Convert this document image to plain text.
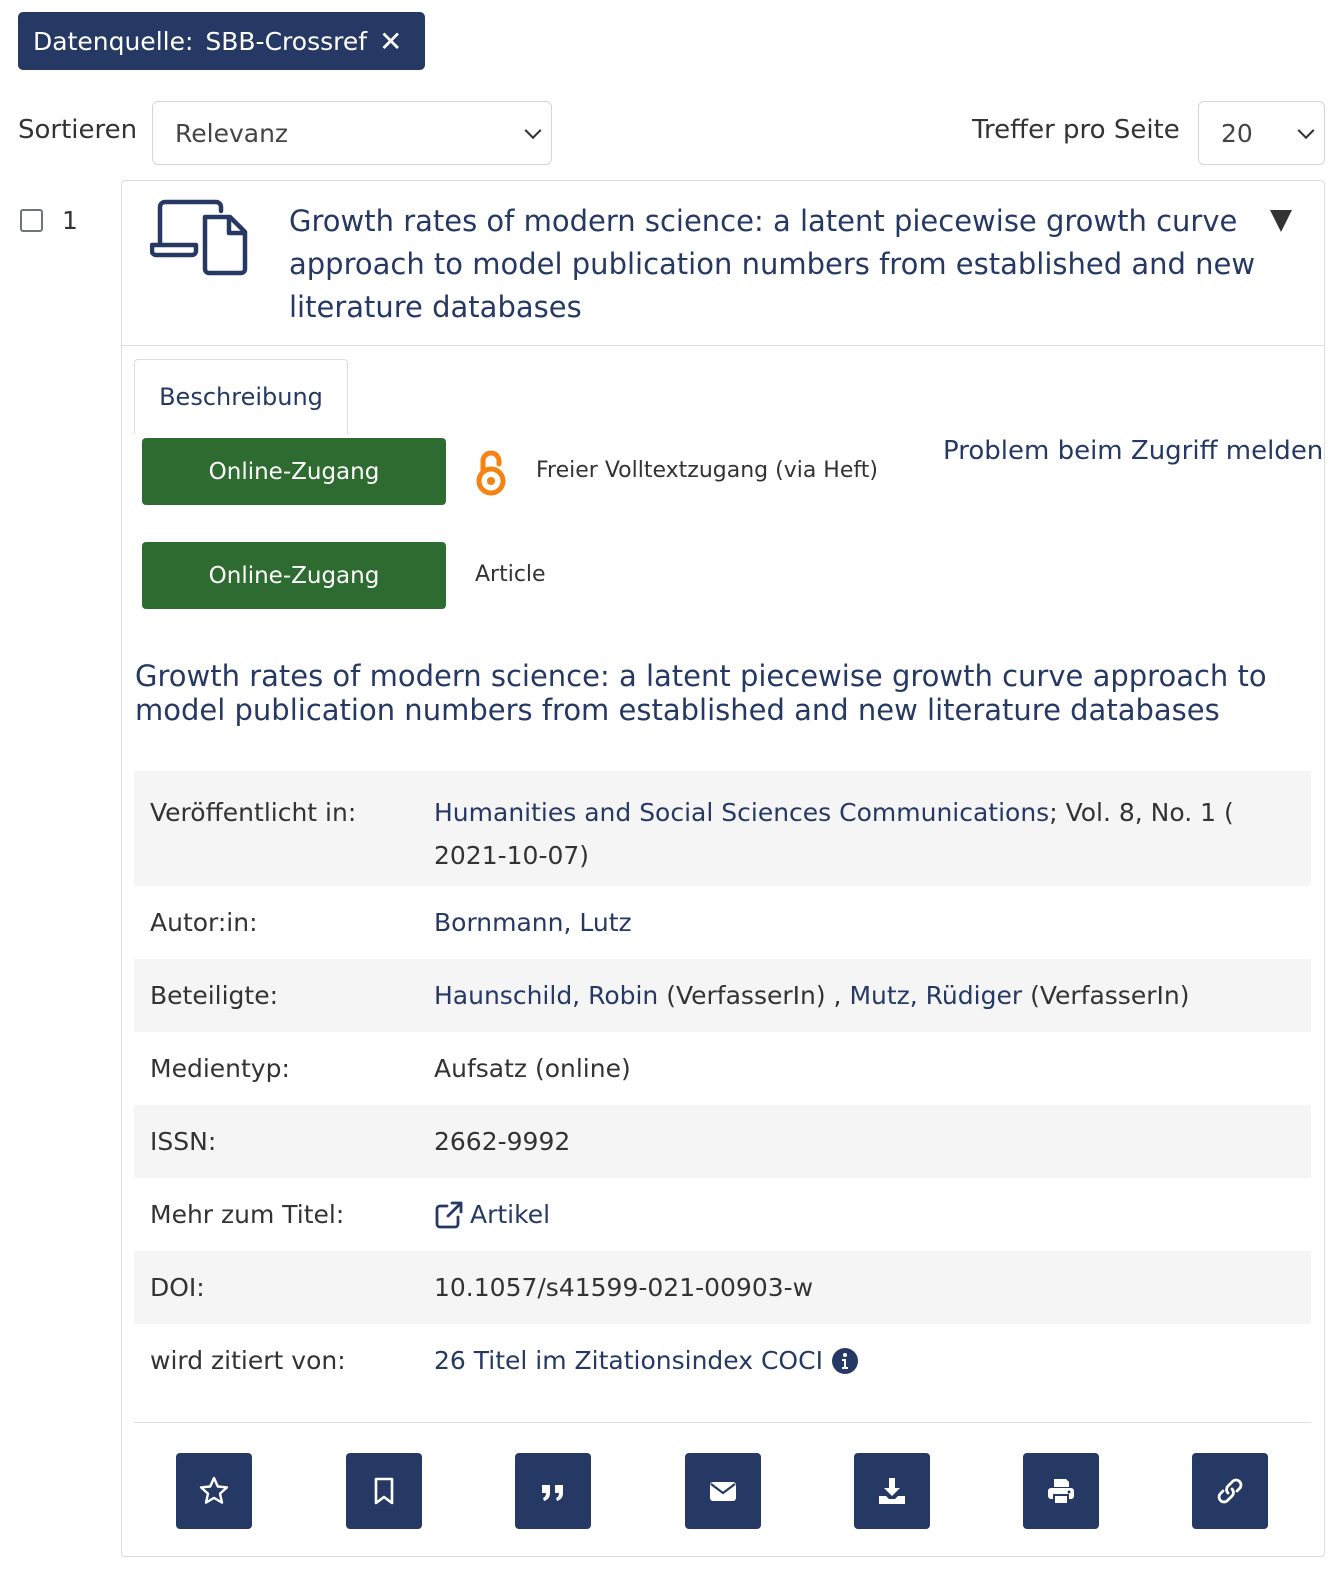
Datenquelle: SBB-Crossref ✕
Sortieren Relevanz	Treffer pro Seite 20
1	Growth rates of modern science: a latent piecewise growth curve approach to model publication numbers from established and new literature databases
Beschreibung
Online-Zugang	Freier Volltextzugang (via Heft)
Problem beim Zugriff melden
Online-Zugang	Article
Growth rates of modern science: a latent piecewise growth curve approach to model publication numbers from established and new literature databases
Veröffentlicht in:	Humanities and Social Sciences Communications; Vol. 8, No. 1 (
2021-10-07)
Autor:in:	Bornmann, Lutz
Beteiligte:	Haunschild, Robin (VerfasserIn) , Mutz, Rüdiger (VerfasserIn)
Medientyp:	Aufsatz (online)
ISSN:	2662-9992
Mehr zum Titel:	Artikel
DOI:	10.1057/s41599-021-00903-w
wird zitiert von:	26 Titel im Zitationsindex COCI
